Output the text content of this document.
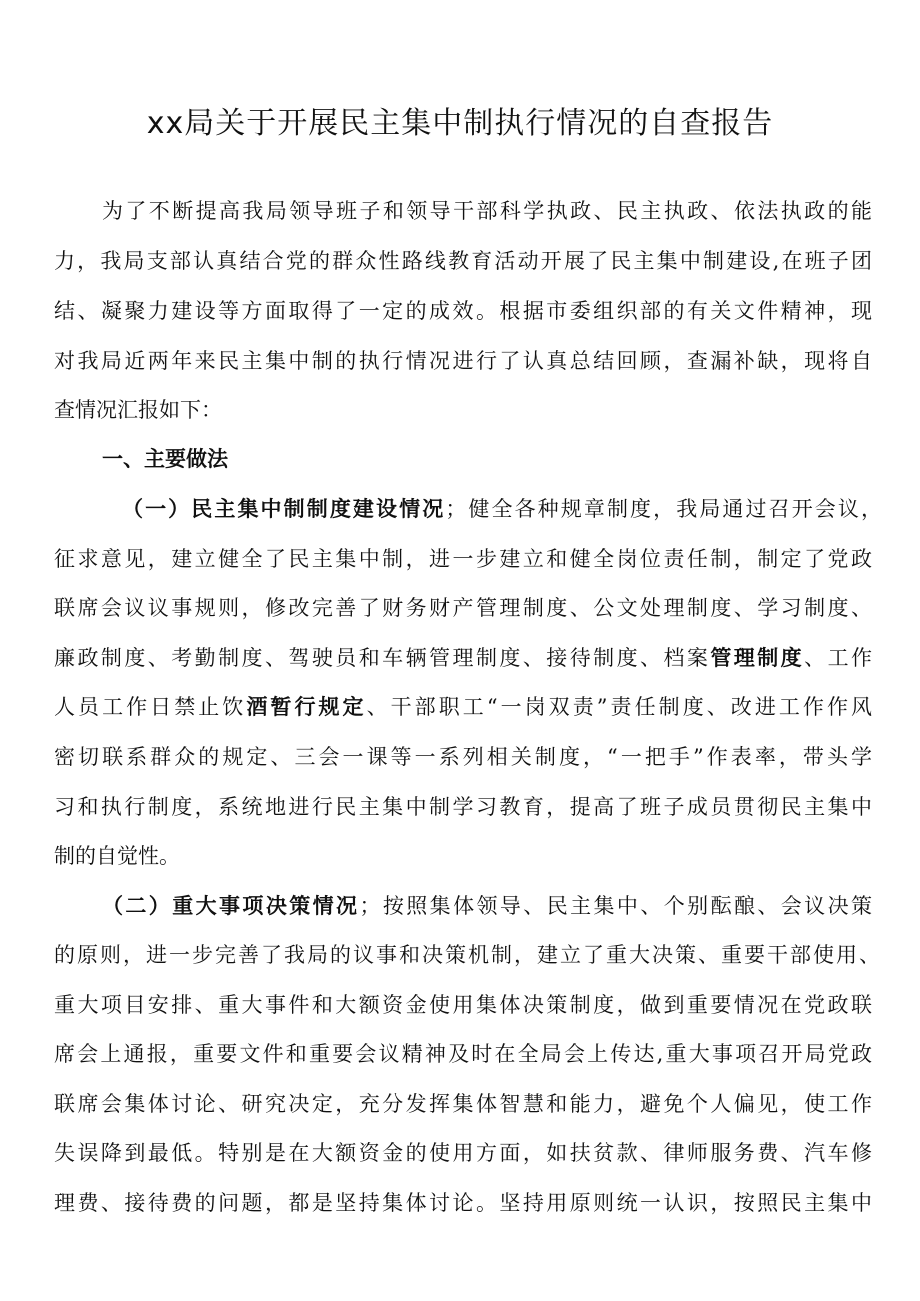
xx局关于开展民主集中制执行情况的自查报告
为了不断提高我局领导班子和领导干部科学执政、民主执政、依法执政的能
力，我局支部认真结合党的群众性路线教育活动开展了民主集中制建设,在班子团
结、凝聚力建设等方面取得了一定的成效。根据市委组织部的有关文件精神，现
对我局近两年来民主集中制的执行情况进行了认真总结回顾，查漏补缺，现将自
查情况汇报如下：
一、主要做法
（一）民主集中制制度建设情况；健全各种规章制度，我局通过召开会议，
征求意见，建立健全了民主集中制，进一步建立和健全岗位责任制，制定了党政
联席会议议事规则，修改完善了财务财产管理制度、公文处理制度、学习制度、
廉政制度、考勤制度、驾驶员和车辆管理制度、接待制度、档案管理制度、工作
人员工作日禁止饮酒暂行规定、干部职工“一岗双责”责任制度、改进工作作风
密切联系群众的规定、三会一课等一系列相关制度，“一把手”作表率，带头学
习和执行制度，系统地进行民主集中制学习教育，提高了班子成员贯彻民主集中
制的自觉性。
（二）重大事项决策情况；按照集体领导、民主集中、个别酝酿、会议决策
的原则，进一步完善了我局的议事和决策机制，建立了重大决策、重要干部使用、
重大项目安排、重大事件和大额资金使用集体决策制度，做到重要情况在党政联
席会上通报，重要文件和重要会议精神及时在全局会上传达,重大事项召开局党政
联席会集体讨论、研究决定，充分发挥集体智慧和能力，避免个人偏见，使工作
失误降到最低。特别是在大额资金的使用方面，如扶贫款、律师服务费、汽车修
理费、接待费的问题，都是坚持集体讨论。坚持用原则统一认识，按照民主集中
